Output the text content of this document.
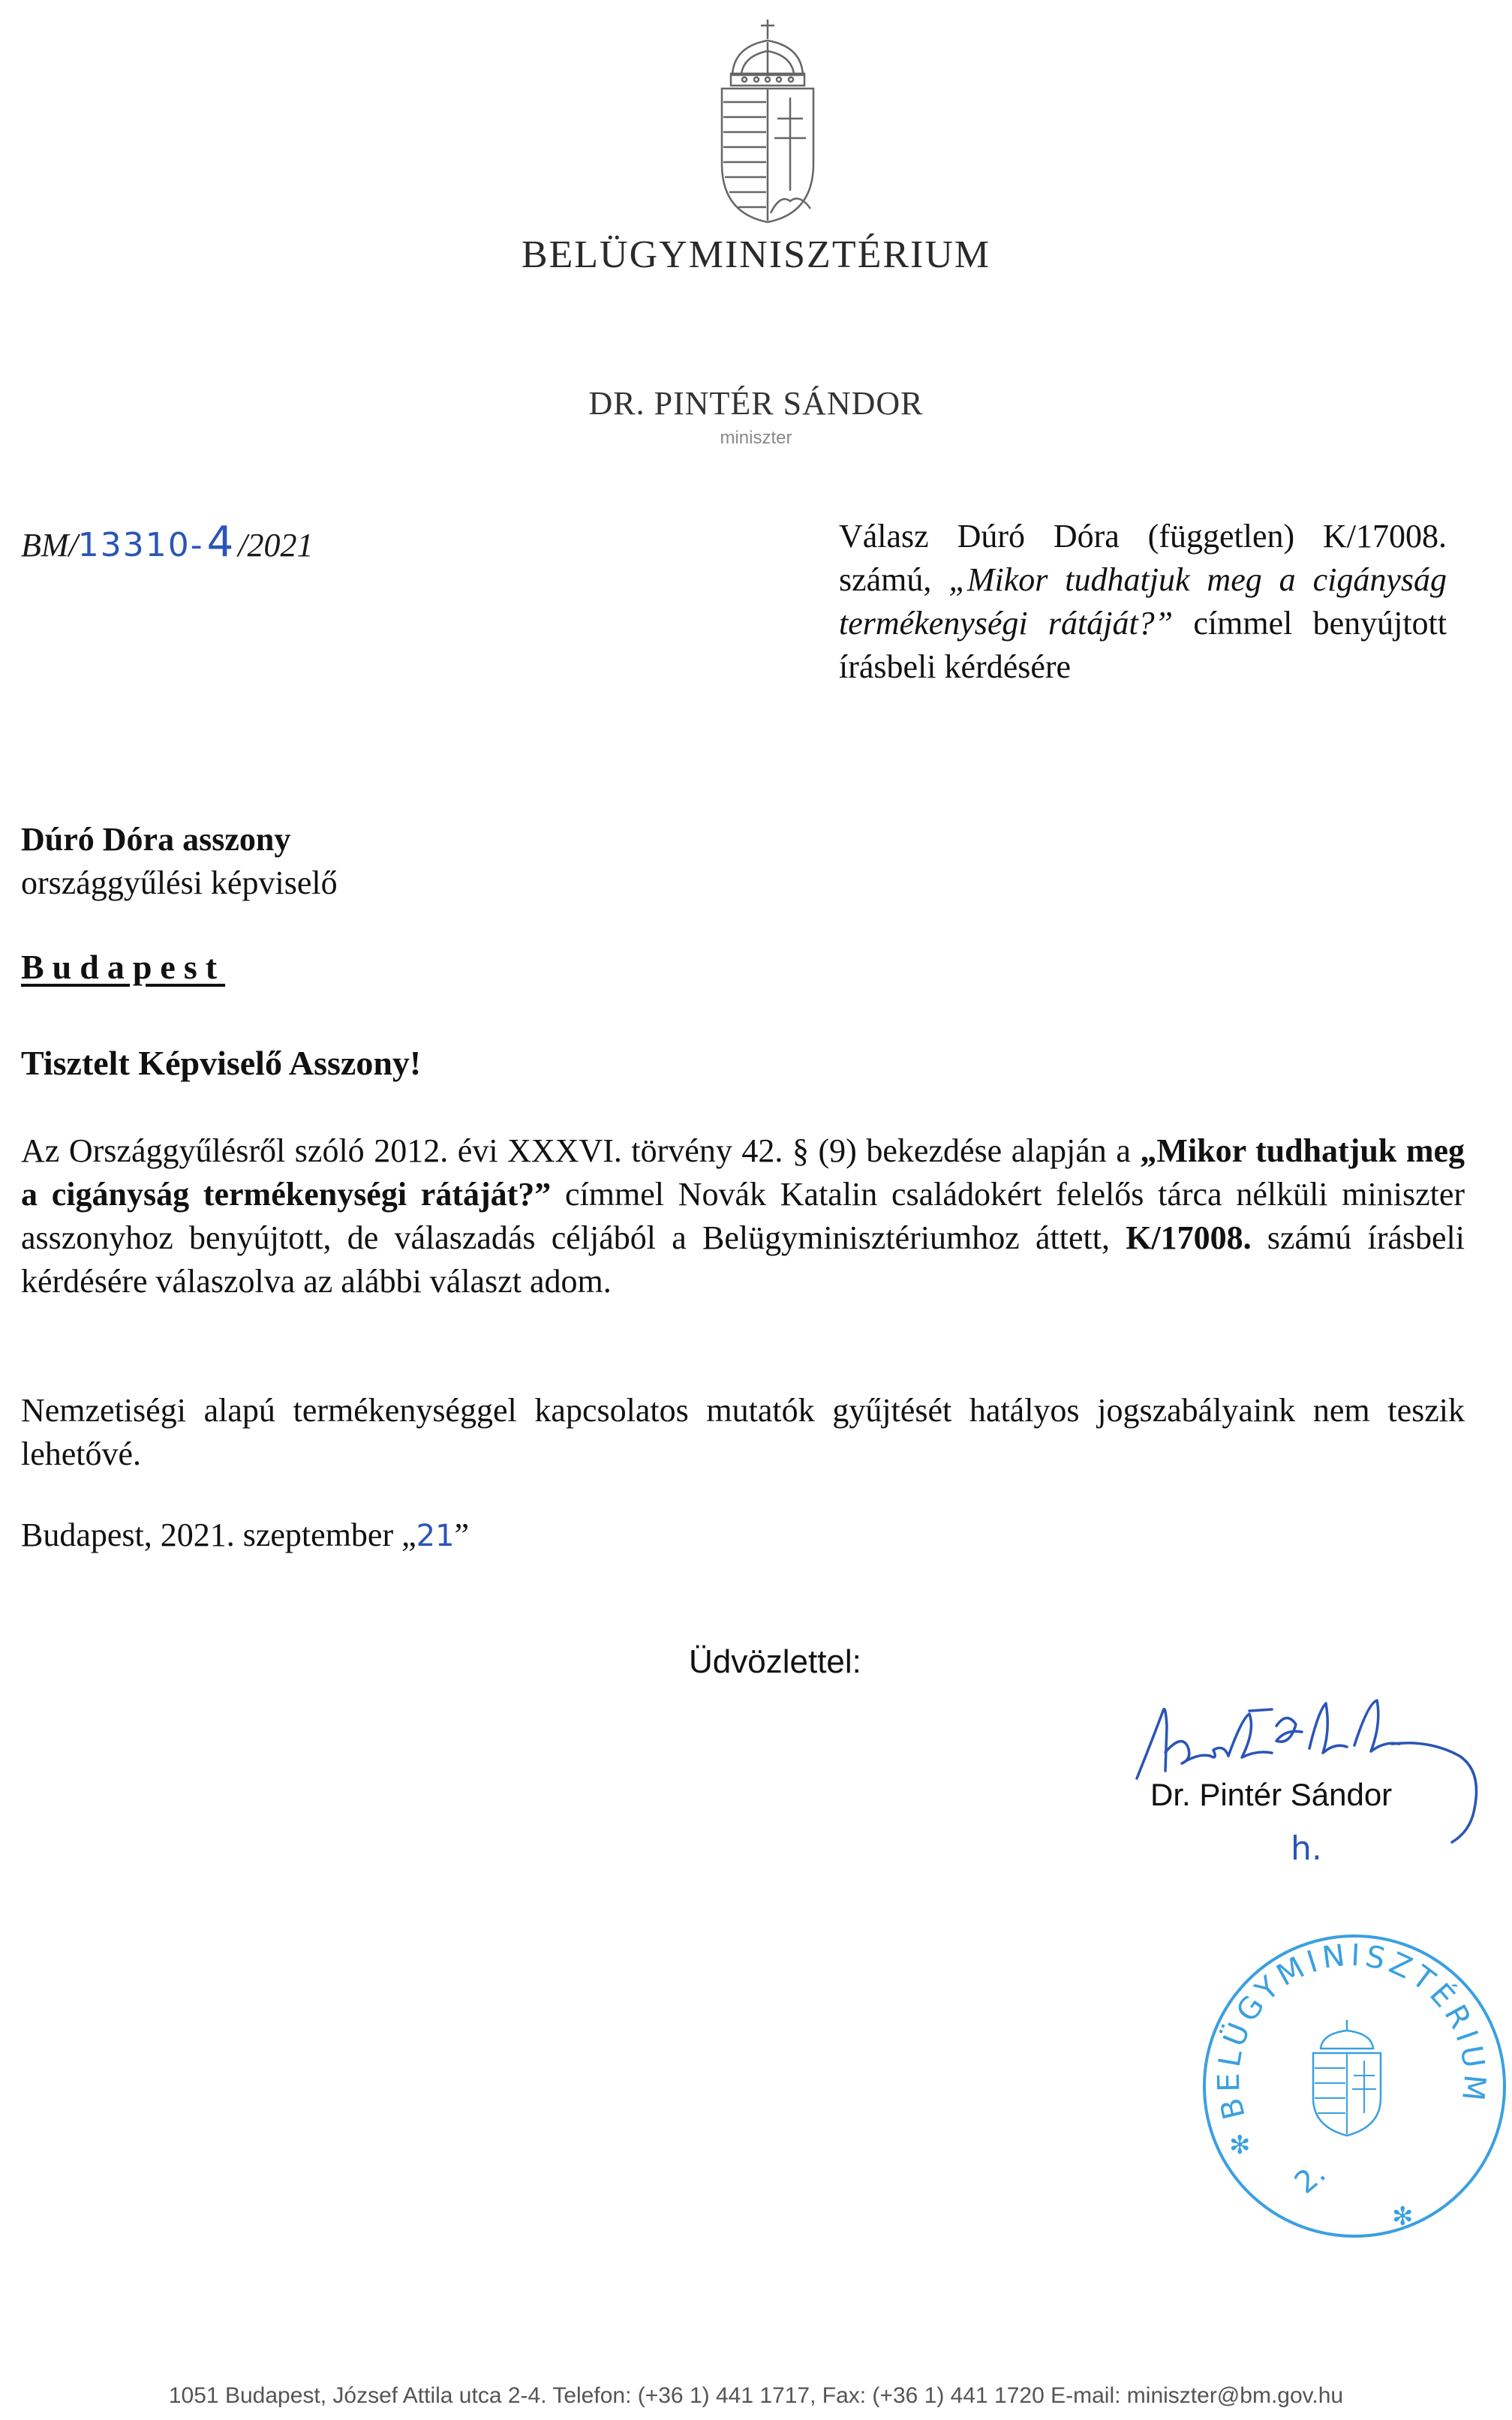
BELÜGYMINISZTÉRIUM
DR. PINTÉR SÁNDOR
miniszter
BM/13310- 4 /2021	Válasz Dúró Dóra (független) K/17008. számú, „Mikor tudhatjuk meg a cigányság termékenységi rátáját?” címmel benyújtott írásbeli kérdésére
Dúró Dóra asszony
országgyűlési képviselő
Budapest
Tisztelt Képviselő Asszony!
Az Országgyűlésről szóló 2012. évi XXXVI. törvény 42. § (9) bekezdése alapján a „Mikor tudhatjuk meg a cigányság termékenységi rátáját?” címmel Novák Katalin családokért felelős tárca nélküli miniszter asszonyhoz benyújtott, de válaszadás céljából a Belügyminisztériumhoz áttett, K/17008. számú írásbeli kérdésére válaszolva az alábbi választ adom.
Nemzetiségi alapú termékenységgel kapcsolatos mutatók gyűjtését hatályos jogszabályaink nem teszik lehetővé.
Budapest, 2021. szeptember „21”
Üdvözlettel:
Dr. Pintér Sándor
h.
BELÜGYMINISZTÉRIUM
✻
2.
✻
1051 Budapest, József Attila utca 2-4. Telefon: (+36 1) 441 1717, Fax: (+36 1) 441 1720 E-mail: miniszter@bm.gov.hu
